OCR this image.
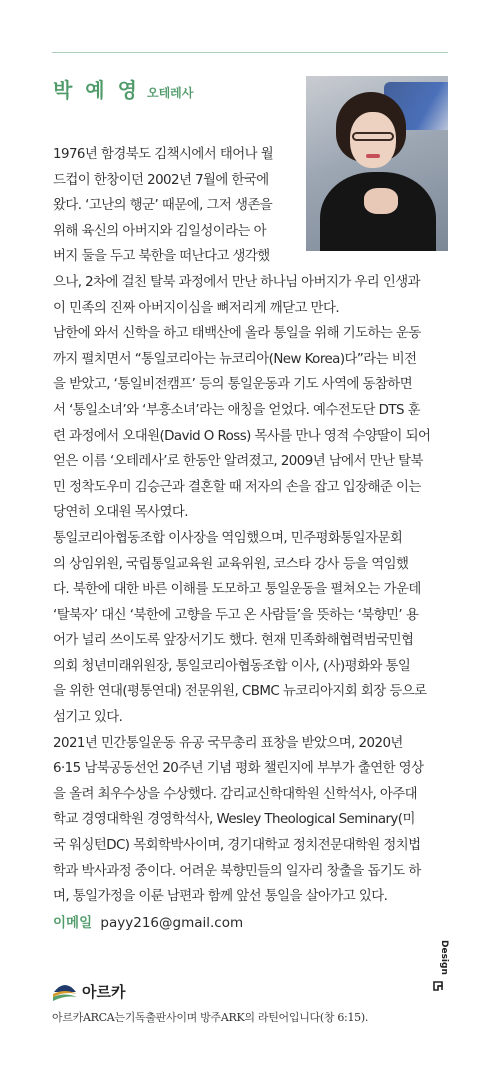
박 예 영 오테레사

1976년 함경북도 김책시에서 태어나 월

드컵이 한창이던 2002년 7월에 한국에

왔다. ‘고난의 행군’ 때문에, 그저 생존을

위해 육신의 아버지와 김일성이라는 아

버지 둘을 두고 북한을 떠난다고 생각했

으나, 2차에 걸친 탈북 과정에서 만난 하나님 아버지가 우리 인생과

이 민족의 진짜 아버지이심을 뼈저리게 깨닫고 만다.

남한에 와서 신학을 하고 태백산에 올라 통일을 위해 기도하는 운동

까지 펼치면서 “통일코리아는 뉴코리아(New Korea)다”라는 비전

을 받았고, ‘통일비전캠프’ 등의 통일운동과 기도 사역에 동참하면

서 ‘통일소녀’와 ‘부흥소녀’라는 애칭을 얻었다. 예수전도단 DTS 훈

련 과정에서 오대원(David O Ross) 목사를 만나 영적 수양딸이 되어

얻은 이름 ‘오테레사’로 한동안 알려졌고, 2009년 남에서 만난 탈북

민 정착도우미 김승근과 결혼할 때 저자의 손을 잡고 입장해준 이는

당연히 오대원 목사였다.

통일코리아협동조합 이사장을 역임했으며, 민주평화통일자문회

의 상임위원, 국립통일교육원 교육위원, 코스타 강사 등을 역임했

다. 북한에 대한 바른 이해를 도모하고 통일운동을 펼쳐오는 가운데

‘탈북자’ 대신 ‘북한에 고향을 두고 온 사람들’을 뜻하는 ‘북향민’ 용

어가 널리 쓰이도록 앞장서기도 했다. 현재 민족화해협력범국민협

의회 청년미래위원장, 통일코리아협동조합 이사, (사)평화와 통일

을 위한 연대(평통연대) 전문위원, CBMC 뉴코리아지회 회장 등으로

섬기고 있다.

2021년 민간통일운동 유공 국무총리 표창을 받았으며, 2020년

6·15 남북공동선언 20주년 기념 평화 챌린지에 부부가 출연한 영상

을 올려 최우수상을 수상했다. 감리교신학대학원 신학석사, 아주대

학교 경영대학원 경영학석사, Wesley Theological Seminary(미

국 워싱턴DC) 목회학박사이며, 경기대학교 정치전문대학원 정치법

학과 박사과정 중이다. 어려운 북향민들의 일자리 창출을 돕기도 하

며, 통일가정을 이룬 남편과 함께 앞선 통일을 살아가고 있다.

이메일 payy216@gmail.com
Design
아르카
아르카ARCA는기독출판사이며 방주ARK의 라틴어입니다(창 6:15).
